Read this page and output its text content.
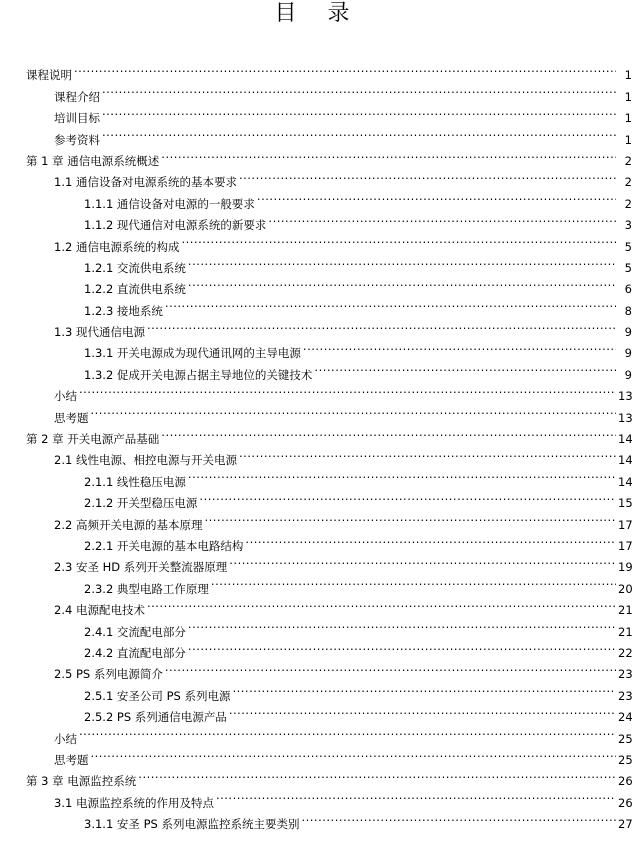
目 录
课程说明 .....	1
课程介绍 .....	1
培训目标 .....	1
参考资料 .....	1
第 1 章 通信电源系统概述 .....	2
1.1 通信设备对电源系统的基本要求 .....	2
1.1.1 通信设备对电源的一般要求 .....	2
1.1.2 现代通信对电源系统的新要求 .....	3
1.2 通信电源系统的构成 .....	5
1.2.1 交流供电系统 .....	5
1.2.2 直流供电系统 .....	6
1.2.3 接地系统 .....	8
1.3 现代通信电源 .....	9
1.3.1 开关电源成为现代通讯网的主导电源 .....	9
1.3.2 促成开关电源占据主导地位的关键技术 .....	9
小结 .....	13
思考题 .....	13
第 2 章 开关电源产品基础 .....	14
2.1 线性电源、相控电源与开关电源 .....	14
2.1.1 线性稳压电源 .....	14
2.1.2 开关型稳压电源 .....	15
2.2 高频开关电源的基本原理 .....	17
2.2.1 开关电源的基本电路结构 .....	17
2.3 安圣 HD 系列开关整流器原理 .....	19
2.3.2 典型电路工作原理 .....	20
2.4 电源配电技术 .....	21
2.4.1 交流配电部分 .....	21
2.4.2 直流配电部分 .....	22
2.5 PS 系列电源简介 .....	23
2.5.1 安圣公司 PS 系列电源 .....	23
2.5.2 PS 系列通信电源产品 .....	24
小结 .....	25
思考题 .....	25
第 3 章 电源监控系统 .....	26
3.1 电源监控系统的作用及特点 .....	26
3.1.1 安圣 PS 系列电源监控系统主要类别 .....	27
